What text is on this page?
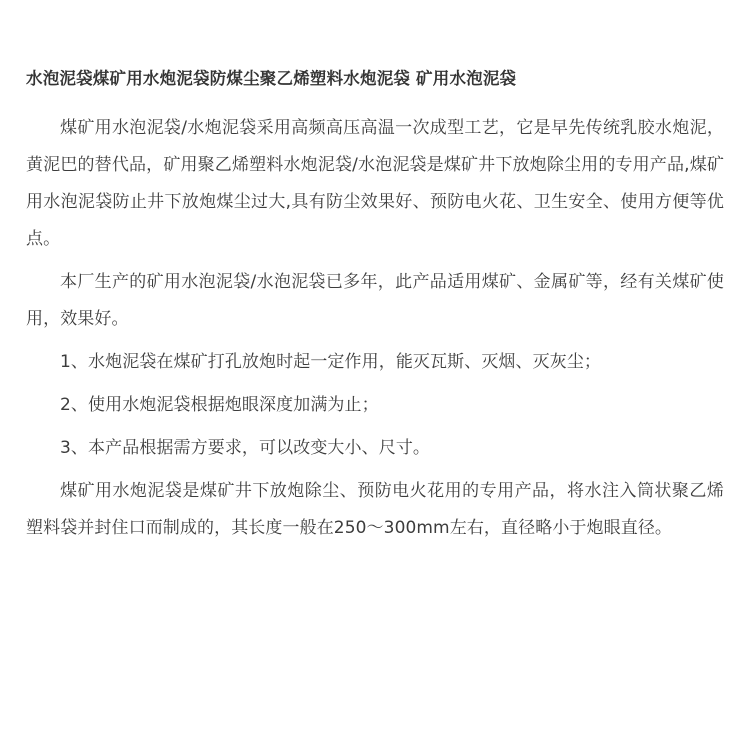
水泡泥袋煤矿用水炮泥袋防煤尘聚乙烯塑料水炮泥袋 矿用水泡泥袋

煤矿用水泡泥袋/水炮泥袋采用高频高压高温一次成型工艺，它是早先传统乳胶水炮泥，黄泥巴的替代品，矿用聚乙烯塑料水炮泥袋/水泡泥袋是煤矿井下放炮除尘用的专用产品,煤矿用水泡泥袋防止井下放炮煤尘过大,具有防尘效果好、预防电火花、卫生安全、使用方便等优点。

本厂生产的矿用水泡泥袋/水泡泥袋已多年，此产品适用煤矿、金属矿等，经有关煤矿使用，效果好。

1、水炮泥袋在煤矿打孔放炮时起一定作用，能灭瓦斯、灭烟、灭灰尘；

2、使用水炮泥袋根据炮眼深度加满为止；

3、本产品根据需方要求，可以改变大小、尺寸。

煤矿用水炮泥袋是煤矿井下放炮除尘、预防电火花用的专用产品，将水注入筒状聚乙烯塑料袋并封住口而制成的，其长度一般在250～300mm左右，直径略小于炮眼直径。
